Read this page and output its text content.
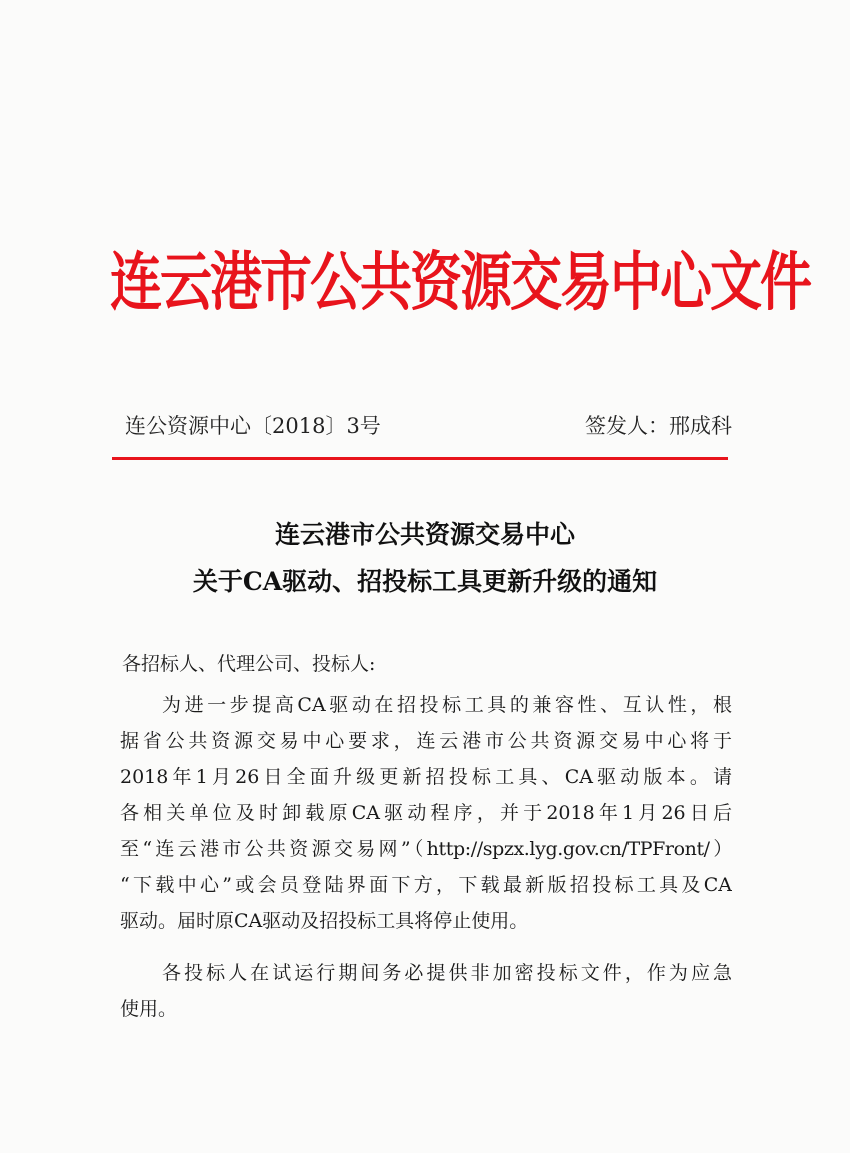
连云港市公共资源交易中心文件
连公资源中心〔2018〕3号	签发人：邢成科
连云港市公共资源交易中心
关于CA驱动、招投标工具更新升级的通知
各招标人、代理公司、投标人:
为进一步提高CA驱动在招投标工具的兼容性、互认性，根
据省公共资源交易中心要求，连云港市公共资源交易中心将于
2018年1月26日全面升级更新招投标工具、CA驱动版本。请
各相关单位及时卸载原CA驱动程序，并于2018年1月26日后
至“连云港市公共资源交易网”（http://spzx.lyg.gov.cn/TPFront/）
“下载中心”或会员登陆界面下方，下载最新版招投标工具及CA
驱动。届时原CA驱动及招投标工具将停止使用。
各投标人在试运行期间务必提供非加密投标文件，作为应急
使用。
